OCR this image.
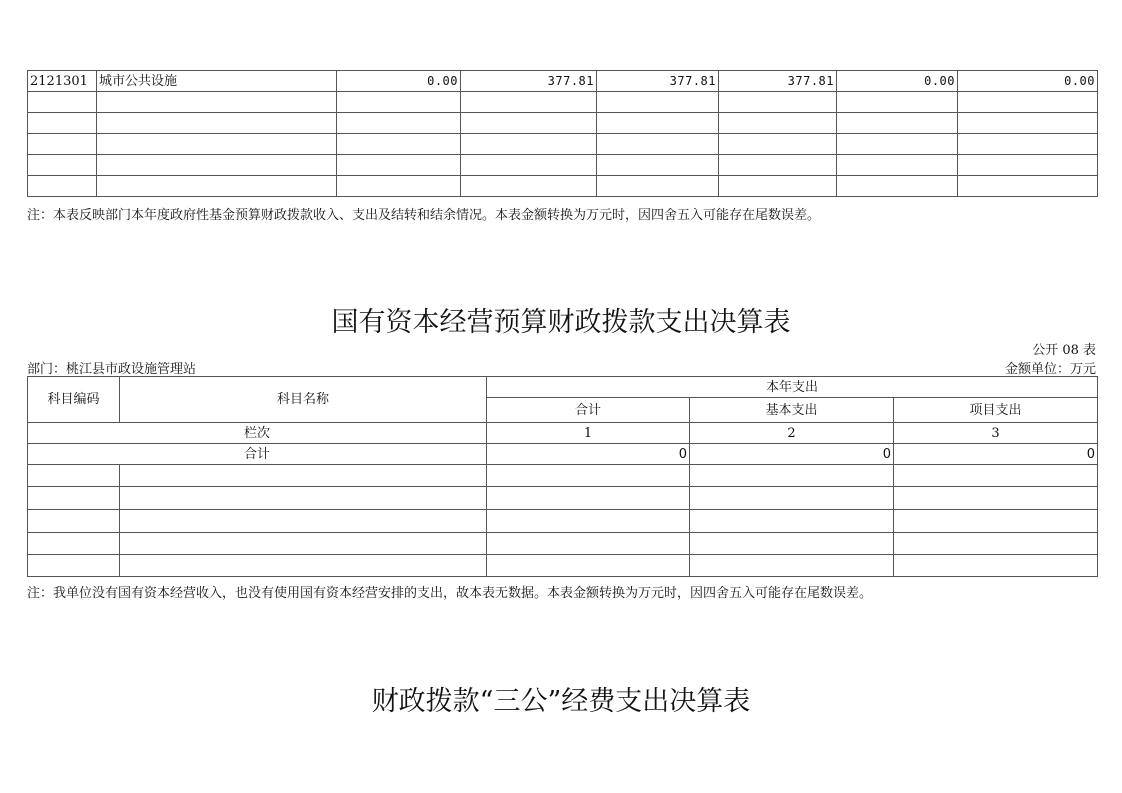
2121301	城市公共设施	0.00	377.81	377.81	377.81	0.00	0.00

注：本表反映部门本年度政府性基金预算财政拨款收入、支出及结转和结余情况。本表金额转换为万元时，因四舍五入可能存在尾数误差。
国有资本经营预算财政拨款支出决算表
公开 08 表
部门：桃江县市政设施管理站	金额单位：万元
科目编码	科目名称	本年支出		
		合计	基本支出	项目支出
栏次		1	2	3
合计		0	0	0

注：我单位没有国有资本经营收入，也没有使用国有资本经营安排的支出，故本表无数据。本表金额转换为万元时，因四舍五入可能存在尾数误差。
财政拨款“三公”经费支出决算表
